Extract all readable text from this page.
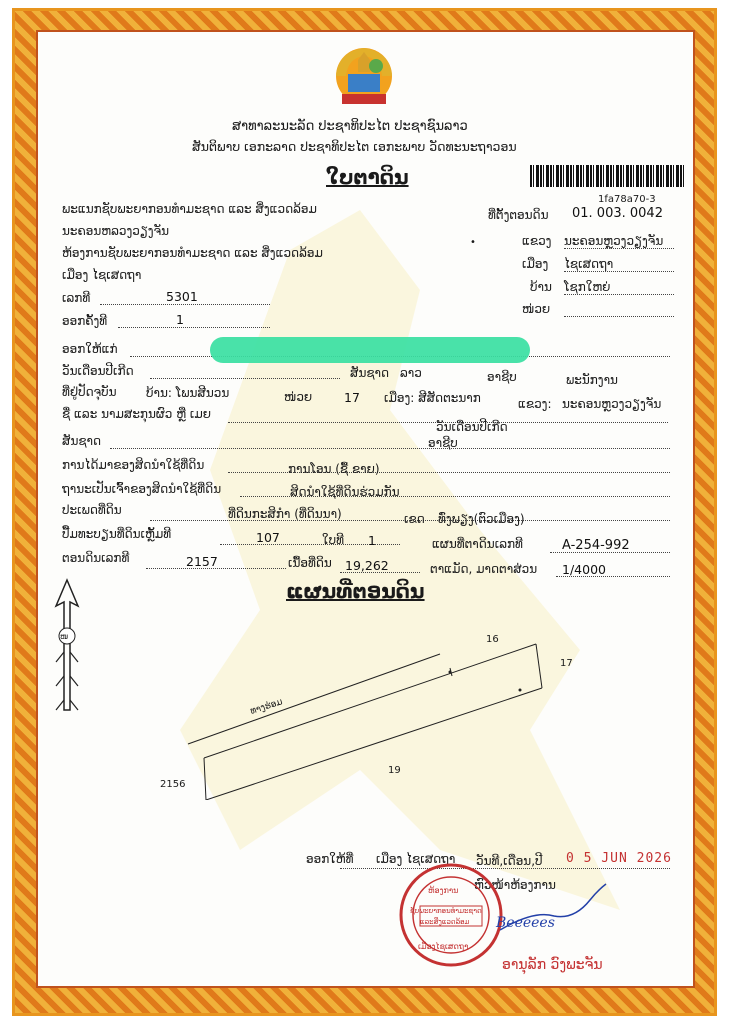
ສາທາລະນະລັດ ປະຊາທິປະໄຕ ປະຊາຊົນລາວ
ສັນຕິພາບ ເອກະລາດ ປະຊາທິປະໄຕ ເອກະພາບ ວັດທະນະຖາວອນ
ໃບຕາດິນ
1fa78a70-3
ພະແນກຊັບພະຍາກອນທຳມະຊາດ ແລະ ສິ່ງແວດລ້ອມ
ນະຄອນຫລວງວຽງຈັນ
ຫ້ອງການຊັບພະຍາກອນທຳມະຊາດ ແລະ ສິ່ງແວດລ້ອມ
ເມືອງ ໄຊເສດຖາ
ເລກທີ	5301
ອອກຄັ້ງທີ	1
ທີ່ຕັ້ງຕອນດິນ 01. 003. 0042
ແຂວງ ນະຄອນຫຼວງວຽງຈັນ
ເມືອງ ໄຊເສດຖາ
ບ້ານ ໂຊກໃຫຍ່
ໜ່ວຍ
ອອກໃຫ້ແກ່
ວັນເດືອນປີເກີດ	ສັນຊາດ ລາວ	ອາຊີບ	ພະນັກງານ
ທີ່ຢູ່ປັດຈຸບັນ ບ້ານ: ໂພນສີນວນ	ໜ່ວຍ	17 ເມືອງ: ສີສັດຕະນາກ	ແຂວງ: ນະຄອນຫຼວງວຽງຈັນ
ຊື່ ແລະ ນາມສະກຸນຜົວ ຫຼື ເມຍ
ວັນເດືອນປີເກີດ
ສັນຊາດ	ອາຊີບ
ການໄດ້ມາຂອງສິດນຳໃຊ້ທີ່ດິນ	ການໂອນ (ຊື້ ຂາຍ)
ຖານະເປັນເຈົ້າຂອງສິດນຳໃຊ້ທີ່ດິນ	ສິດນຳໃຊ້ທີ່ດິນຮ່ວມກັນ
ປະເພດທີ່ດິນ	ທີ່ດິນກະສິກຳ (ທີ່ດິນນາ)	ເຂດ ທົ່ງພຽງ(ຕົວເມືອງ)
ປື້ມທະບຽນທີ່ດິນເຫຼັ້ມທີ	107	ໃບທີ 1	ແຜນທີ່ຕາດິນເລກທີ	A-254-992
ຕອນດິນເລກທີ	2157	ເນື້ອທີ່ດິນ 19,262	ຕາແມັດ, ມາດຕາສ່ວນ 1/4000
ແຜນທີ່ຕອນດິນ
ໜ
ທາງຮ່ອມ
16
17
19
2156
ອອກໃຫ້ທີ່ ເມືອງ ໄຊເສດຖາ ວັນທີ,ເດືອນ,ປີ 0 5 JUN 2026
ຫົວໜ້າຫ້ອງການ
ຫ້ອງການ
ຊັບພະຍາກອນທຳມະຊາດ
ແລະສິ່ງແວດລ້ອມ
ເມືອງໄຊເສດຖາ
Beeeees
ອານຸລັກ ວົງພະຈັນ
•
